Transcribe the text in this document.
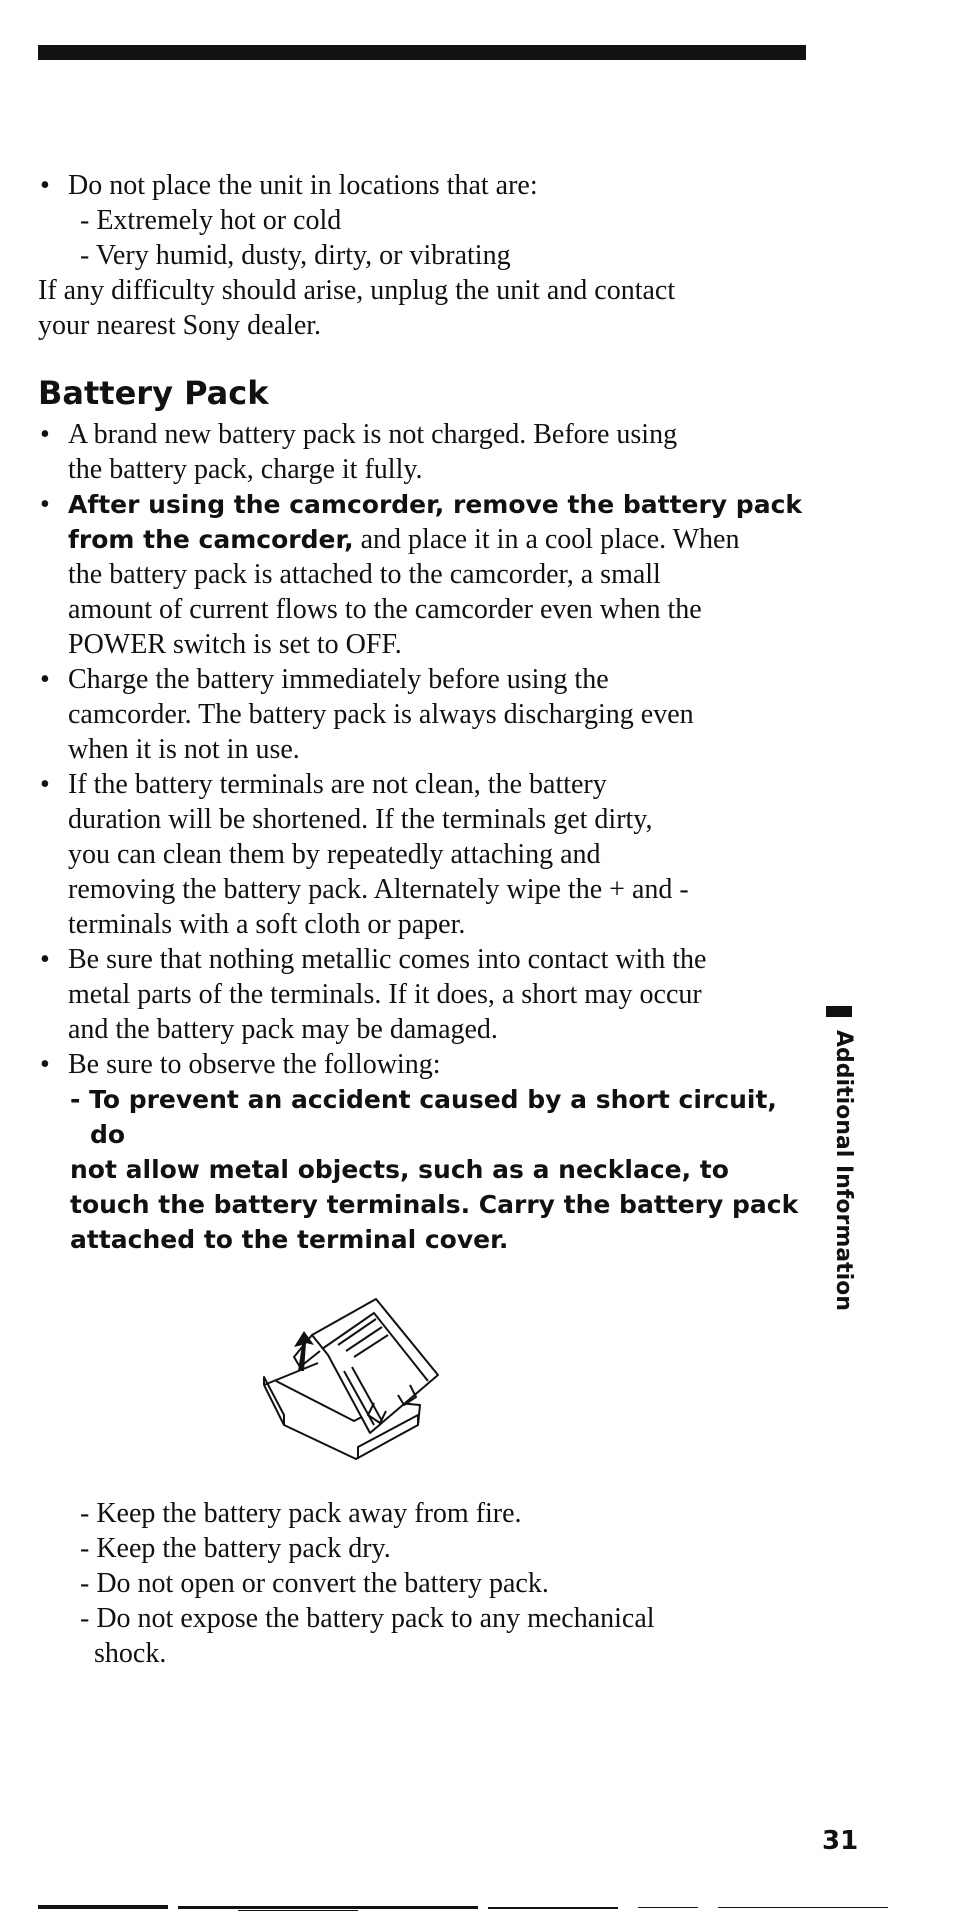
• Do not place the unit in locations that are:
- Extremely hot or cold
- Very humid, dusty, dirty, or vibrating
If any difficulty should arise, unplug the unit and contact
your nearest Sony dealer.
Battery Pack
• A brand new battery pack is not charged. Before using
the battery pack, charge it fully.
• After using the camcorder, remove the battery pack
from the camcorder, and place it in a cool place. When
the battery pack is attached to the camcorder, a small
amount of current flows to the camcorder even when the
POWER switch is set to OFF.
• Charge the battery immediately before using the
camcorder. The battery pack is always discharging even
when it is not in use.
• If the battery terminals are not clean, the battery
duration will be shortened. If the terminals get dirty,
you can clean them by repeatedly attaching and
removing the battery pack. Alternately wipe the + and -
terminals with a soft cloth or paper.
• Be sure that nothing metallic comes into contact with the
metal parts of the terminals. If it does, a short may occur
and the battery pack may be damaged.
• Be sure to observe the following:
- To prevent an accident caused by a short circuit, do
not allow metal objects, such as a necklace, to
touch the battery terminals. Carry the battery pack
attached to the terminal cover.
- Keep the battery pack away from fire.
- Keep the battery pack dry.
- Do not open or convert the battery pack.
- Do not expose the battery pack to any mechanical
shock.
Additional Information
31
